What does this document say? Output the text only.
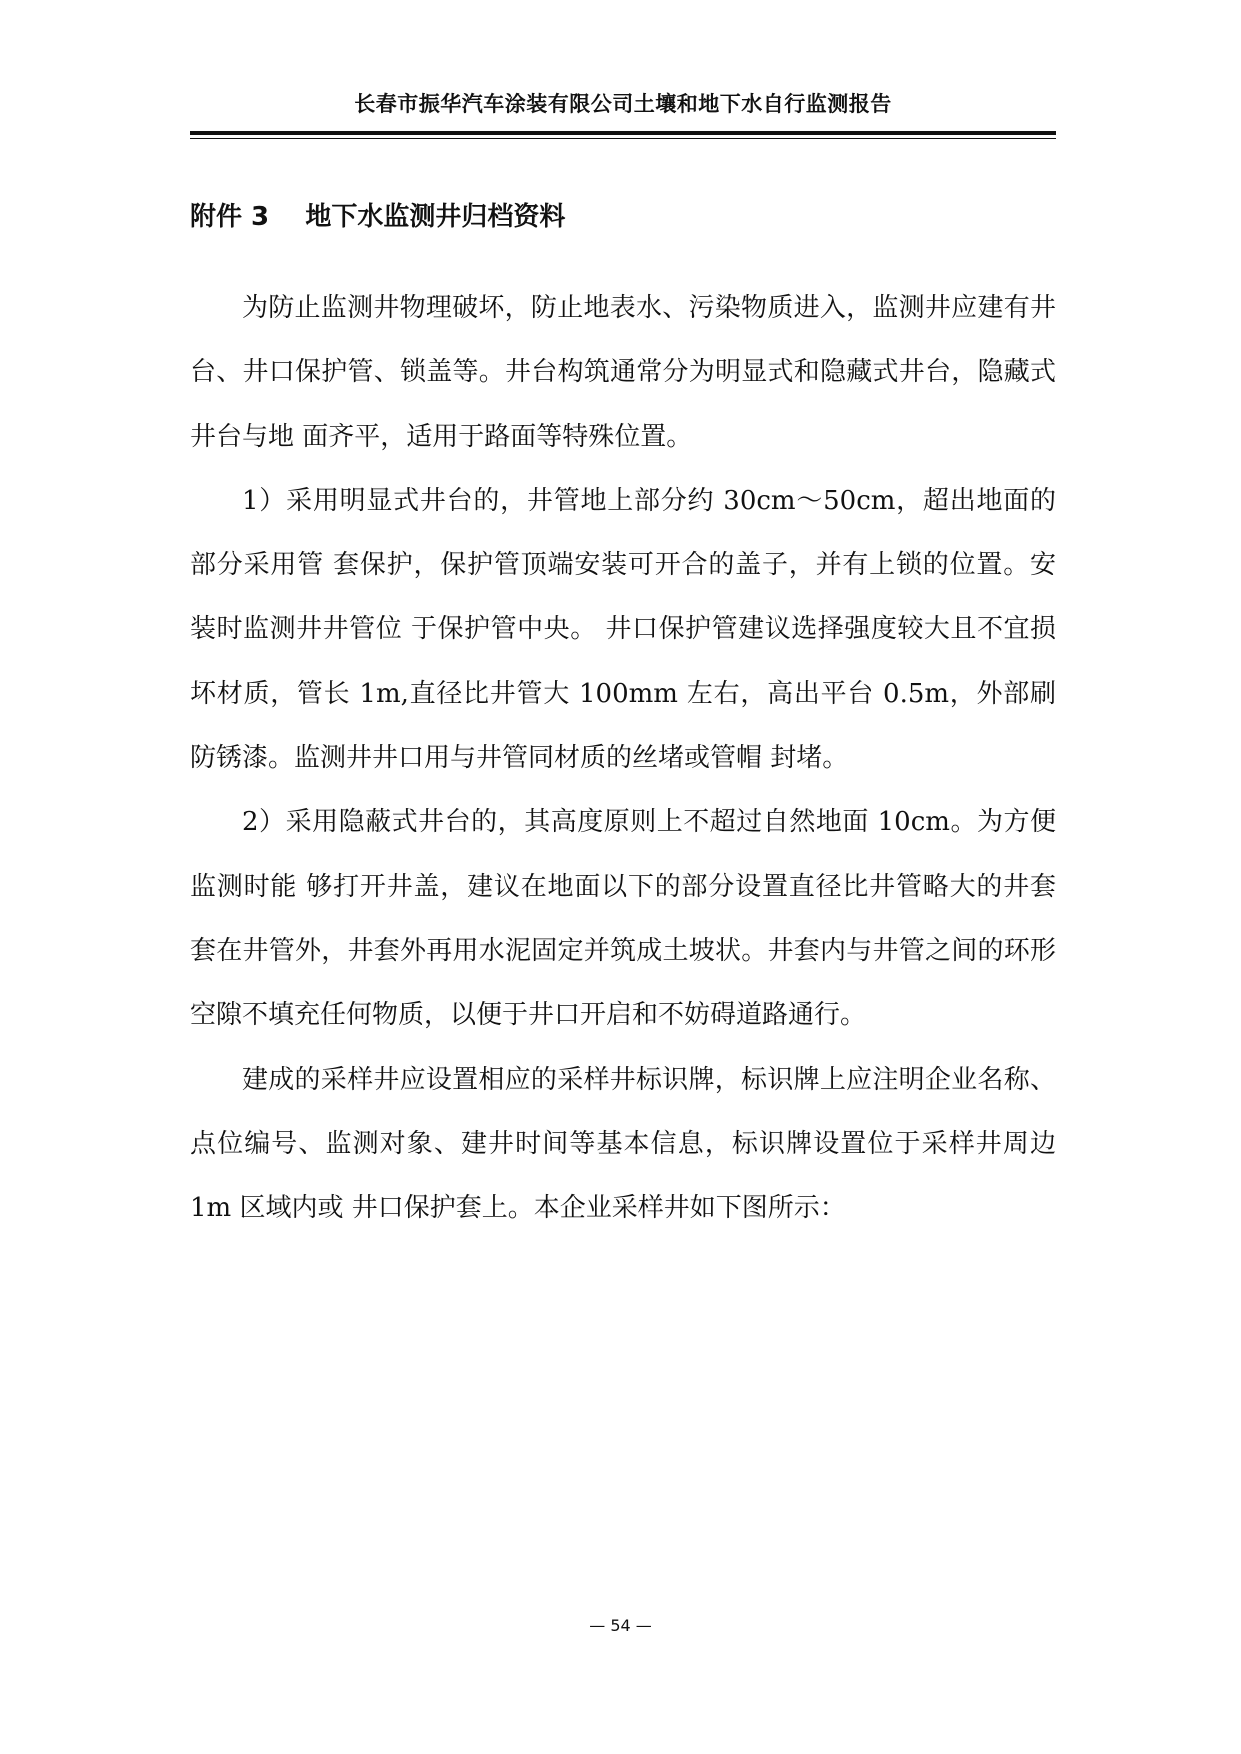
长春市振华汽车涂装有限公司土壤和地下水自行监测报告
附件 3    地下水监测井归档资料

为防止监测井物理破坏，防止地表水、污染物质进入，监测井应建有井台、井口保护管、锁盖等。井台构筑通常分为明显式和隐藏式井台，隐藏式井台与地 面齐平，适用于路面等特殊位置。

1）采用明显式井台的，井管地上部分约 30cm～50cm，超出地面的部分采用管 套保护，保护管顶端安装可开合的盖子，并有上锁的位置。安装时监测井井管位 于保护管中央。 井口保护管建议选择强度较大且不宜损坏材质，管长 1m,直径比井管大 100mm 左右，高出平台 0.5m，外部刷防锈漆。监测井井口用与井管同材质的丝堵或管帽 封堵。

2）采用隐蔽式井台的，其高度原则上不超过自然地面 10cm。为方便监测时能 够打开井盖，建议在地面以下的部分设置直径比井管略大的井套套在井管外，井套外再用水泥固定并筑成土坡状。井套内与井管之间的环形空隙不填充任何物质，以便于井口开启和不妨碍道路通行。

建成的采样井应设置相应的采样井标识牌，标识牌上应注明企业名称、点位编号、监测对象、建井时间等基本信息，标识牌设置位于采样井周边 1m 区域内或 井口保护套上。本企业采样井如下图所示：

— 54 —
